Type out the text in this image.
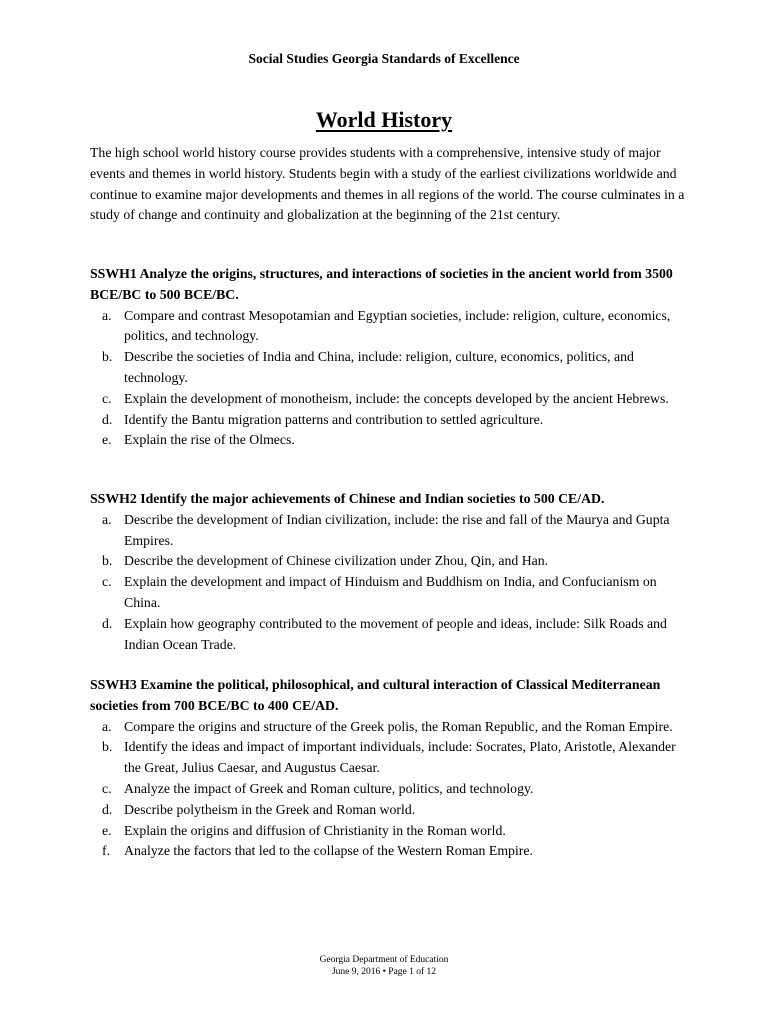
Social Studies Georgia Standards of Excellence
World History

The high school world history course provides students with a comprehensive, intensive study of major events and themes in world history. Students begin with a study of the earliest civilizations worldwide and continue to examine major developments and themes in all regions of the world. The course culminates in a study of change and continuity and globalization at the beginning of the 21st century.

SSWH1 Analyze the origins, structures, and interactions of societies in the ancient world from 3500 BCE/BC to 500 BCE/BC.

a. Compare and contrast Mesopotamian and Egyptian societies, include: religion, culture, economics, politics, and technology.
b. Describe the societies of India and China, include: religion, culture, economics, politics, and technology.
c. Explain the development of monotheism, include: the concepts developed by the ancient Hebrews.
d. Identify the Bantu migration patterns and contribution to settled agriculture.
e. Explain the rise of the Olmecs.

SSWH2 Identify the major achievements of Chinese and Indian societies to 500 CE/AD.

a. Describe the development of Indian civilization, include: the rise and fall of the Maurya and Gupta Empires.
b. Describe the development of Chinese civilization under Zhou, Qin, and Han.
c. Explain the development and impact of Hinduism and Buddhism on India, and Confucianism on China.
d. Explain how geography contributed to the movement of people and ideas, include: Silk Roads and Indian Ocean Trade.

SSWH3 Examine the political, philosophical, and cultural interaction of Classical Mediterranean societies from 700 BCE/BC to 400 CE/AD.

a. Compare the origins and structure of the Greek polis, the Roman Republic, and the Roman Empire.
b. Identify the ideas and impact of important individuals, include: Socrates, Plato, Aristotle, Alexander the Great, Julius Caesar, and Augustus Caesar.
c. Analyze the impact of Greek and Roman culture, politics, and technology.
d. Describe polytheism in the Greek and Roman world.
e. Explain the origins and diffusion of Christianity in the Roman world.
f. Analyze the factors that led to the collapse of the Western Roman Empire.
Georgia Department of Education
June 9, 2016 • Page 1 of 12
